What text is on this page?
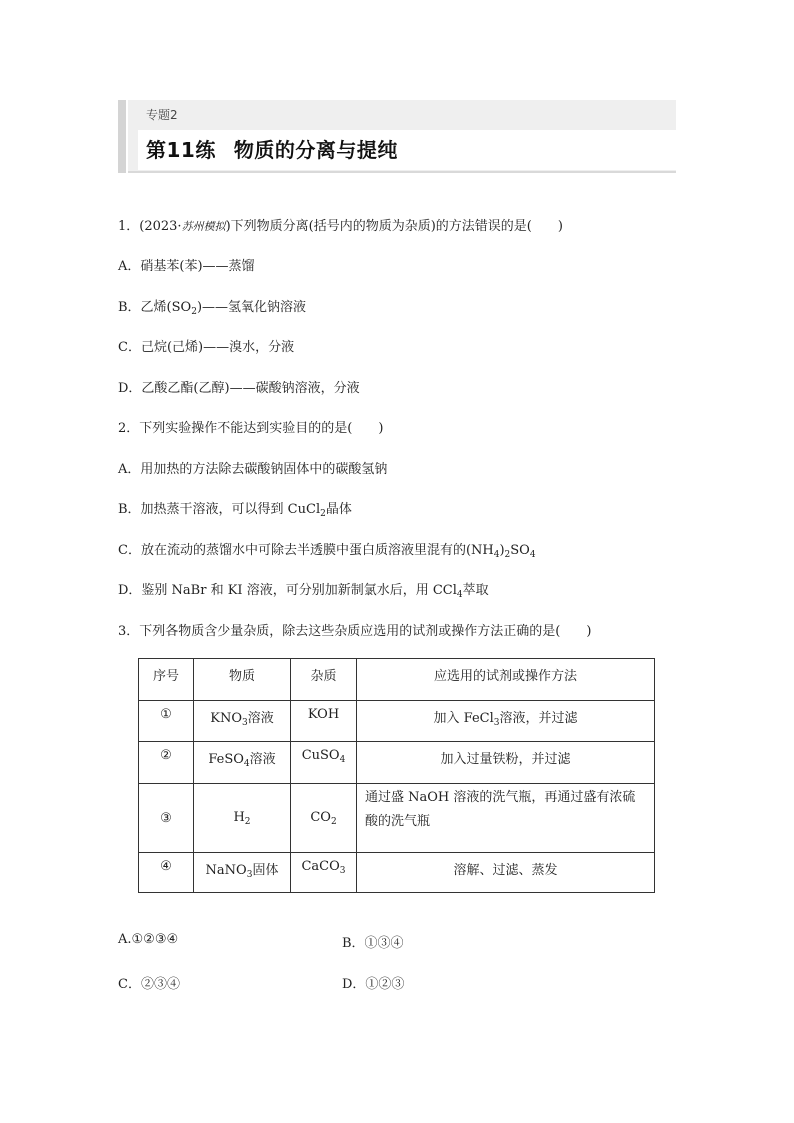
专题2
第11练 物质的分离与提纯
1．(2023·苏州模拟)下列物质分离(括号内的物质为杂质)的方法错误的是(　　)
A．硝基苯(苯)——蒸馏
B．乙烯$(SO_2)——$氢氧化钠溶液
C．己烷(己烯)——溴水，分液
D．乙酸乙酯(乙醇)——碳酸钠溶液，分液
2．下列实验操作不能达到实验目的的是(　　)
A．用加热的方法除去碳酸钠固体中的碳酸氢钠
B．加热蒸干溶液，可以得到 CuCl$_2$晶体
C．放在流动的蒸馏水中可除去半透膜中蛋白质溶液里混有的$(NH_4)_2SO_4$
D．鉴别 NaBr 和 KI 溶液，可分别加新制氯水后，用 CCl$_4$萃取
3．下列各物质含少量杂质，除去这些杂质应选用的试剂或操作方法正确的是(　　)
序号	物质	杂质	应选用的试剂或操作方法
①	$KNO_3$溶液	KOH	加入 FeCl$_3$溶液，并过滤
②	FeSO$_4$溶液	CuSO$_4$	加入过量铁粉，并过滤
③	$H_2$	$CO_2$	通过盛 NaOH 溶液的洗气瓶，再通过盛有浓硫
酸的洗气瓶
④	NaNO$_3$固体	CaCO$_3$	溶解、过滤、蒸发
A.①②③④	B．①③④
C．②③④	D．①②③
